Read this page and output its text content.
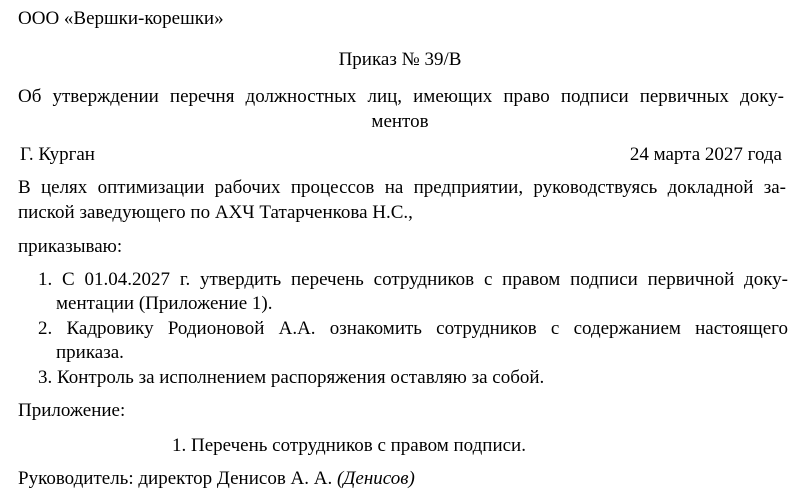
ООО «Вершки-корешки»
Приказ № 39/В
Об утверждении перечня должностных лиц, имеющих право подписи первичных доку-
ментов
Г. Курган	24 марта 2027 года
В целях оптимизации рабочих процессов на предприятии, руководствуясь докладной за-
пиской заведующего по АХЧ Татарченкова Н.С.,
приказываю:
1. С 01.04.2027 г. утвердить перечень сотрудников с правом подписи первичной доку-
ментации (Приложение 1).
2. Кадровику Родионовой А.А. ознакомить сотрудников с содержанием настоящего
приказа.
3. Контроль за исполнением распоряжения оставляю за собой.
Приложение:
1. Перечень сотрудников с правом подписи.
Руководитель: директор Денисов А. А. (Денисов)
